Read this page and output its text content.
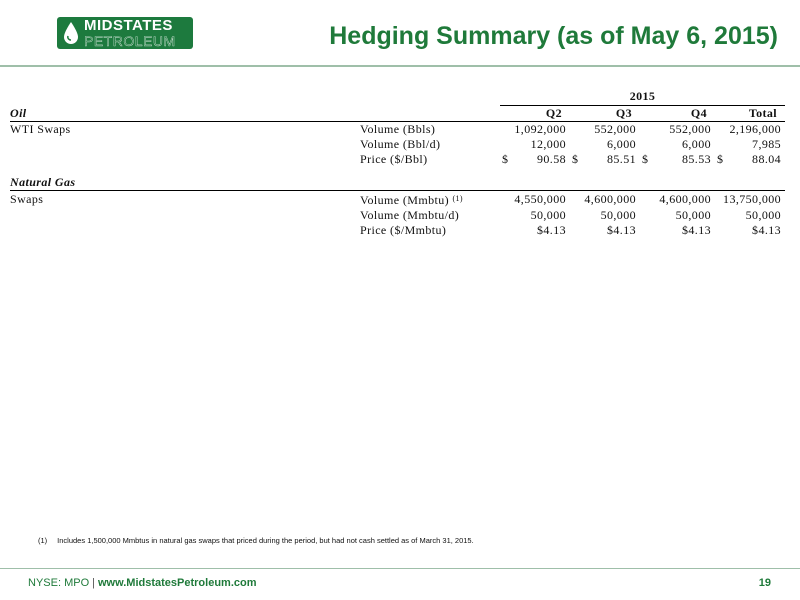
MIDSTATES
PETROLEUM	Hedging Summary (as of May 6, 2015)
		2015			
Oil		Q2	Q3	Q4	Total
WTI Swaps	Volume (Bbls)	1,092,000	552,000	552,000	2,196,000
	Volume (Bbl/d)	12,000	6,000	6,000	7,985
	Price ($/Bbl)	$ 90.58	$ 85.51	$ 85.53	$ 88.04

Natural Gas					
Swaps	Volume (Mmbtu) $^{(1)}$	4,550,000	4,600,000	4,600,000	13,750,000
	Volume (Mmbtu/d)	50,000	50,000	50,000	50,000
	Price ($/Mmbtu)	$4.13	$4.13	$4.13	$4.13
(1) Includes 1,500,000 Mmbtus in natural gas swaps that priced during the period, but had not cash settled as of March 31, 2015.
NYSE: MPO | www.MidstatesPetroleum.com	19
